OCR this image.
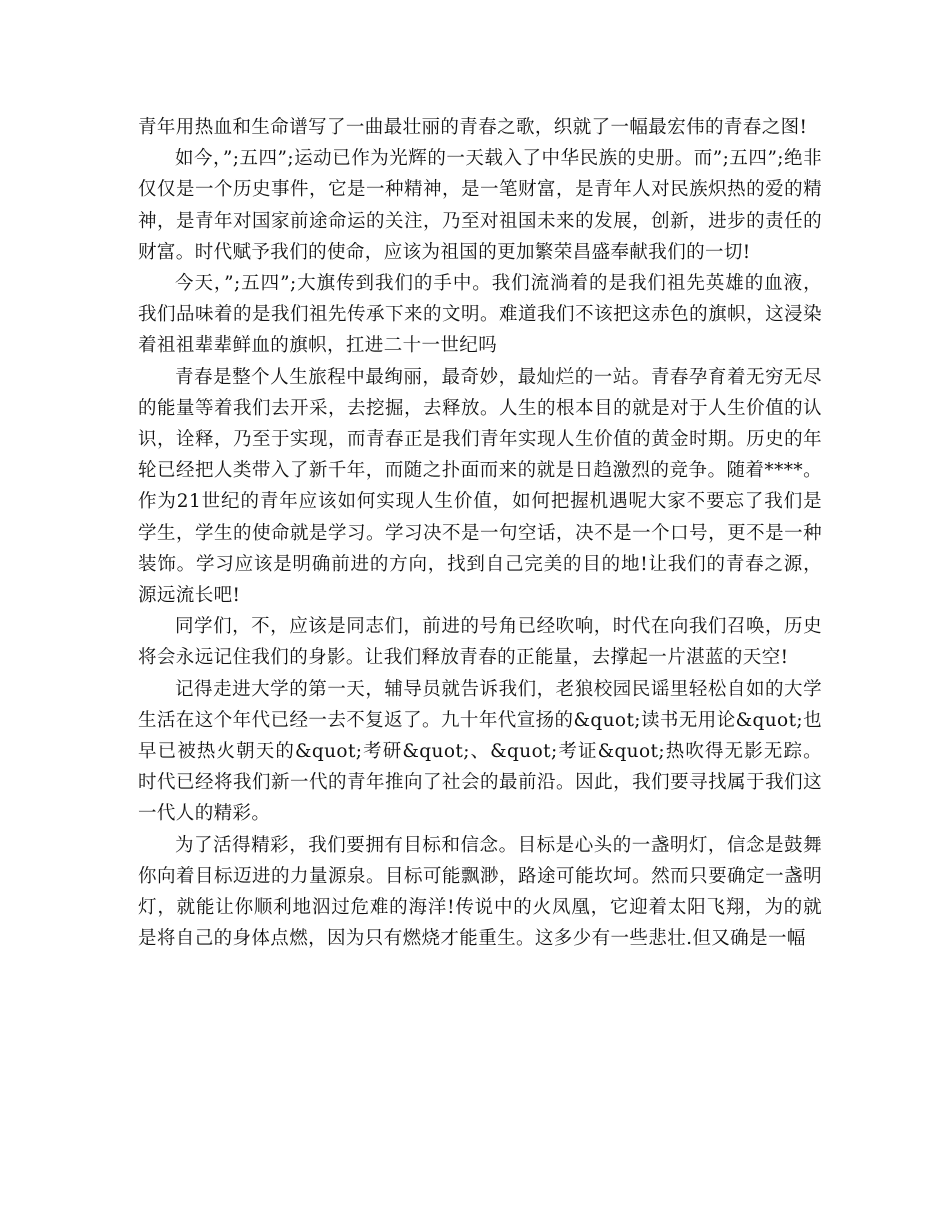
青年用热血和生命谱写了一曲最壮丽的青春之歌，织就了一幅最宏伟的青春之图!

如今，”;五四”;运动已作为光辉的一天载入了中华民族的史册。而”;五四”;绝非仅仅是一个历史事件，它是一种精神，是一笔财富，是青年人对民族炽热的爱的精神，是青年对国家前途命运的关注，乃至对祖国未来的发展，创新，进步的责任的财富。时代赋予我们的使命，应该为祖国的更加繁荣昌盛奉献我们的一切!

今天，”;五四”;大旗传到我们的手中。我们流淌着的是我们祖先英雄的血液，我们品味着的是我们祖先传承下来的文明。难道我们不该把这赤色的旗帜，这浸染着祖祖辈辈鲜血的旗帜，扛进二十一世纪吗

青春是整个人生旅程中最绚丽，最奇妙，最灿烂的一站。青春孕育着无穷无尽的能量等着我们去开采，去挖掘，去释放。人生的根本目的就是对于人生价值的认识，诠释，乃至于实现，而青春正是我们青年实现人生价值的黄金时期。历史的年轮已经把人类带入了新千年，而随之扑面而来的就是日趋激烈的竞争。随着****。作为21世纪的青年应该如何实现人生价值，如何把握机遇呢大家不要忘了我们是学生，学生的使命就是学习。学习决不是一句空话，决不是一个口号，更不是一种装饰。学习应该是明确前进的方向，找到自己完美的目的地!让我们的青春之源，源远流长吧!

同学们，不，应该是同志们，前进的号角已经吹响，时代在向我们召唤，历史将会永远记住我们的身影。让我们释放青春的正能量，去撑起一片湛蓝的天空!

记得走进大学的第一天，辅导员就告诉我们，老狼校园民谣里轻松自如的大学生活在这个年代已经一去不复返了。九十年代宣扬的&quot;读书无用论&quot;也早已被热火朝天的&quot;考研&quot;、&quot;考证&quot;热吹得无影无踪。时代已经将我们新一代的青年推向了社会的最前沿。因此，我们要寻找属于我们这一代人的精彩。

为了活得精彩，我们要拥有目标和信念。目标是心头的一盏明灯，信念是鼓舞你向着目标迈进的力量源泉。目标可能飘渺，路途可能坎坷。然而只要确定一盏明灯，就能让你顺利地泅过危难的海洋!传说中的火凤凰，它迎着太阳飞翔，为的就是将自己的身体点燃，因为只有燃烧才能重生。这多少有一些悲壮.但又确是一幅
